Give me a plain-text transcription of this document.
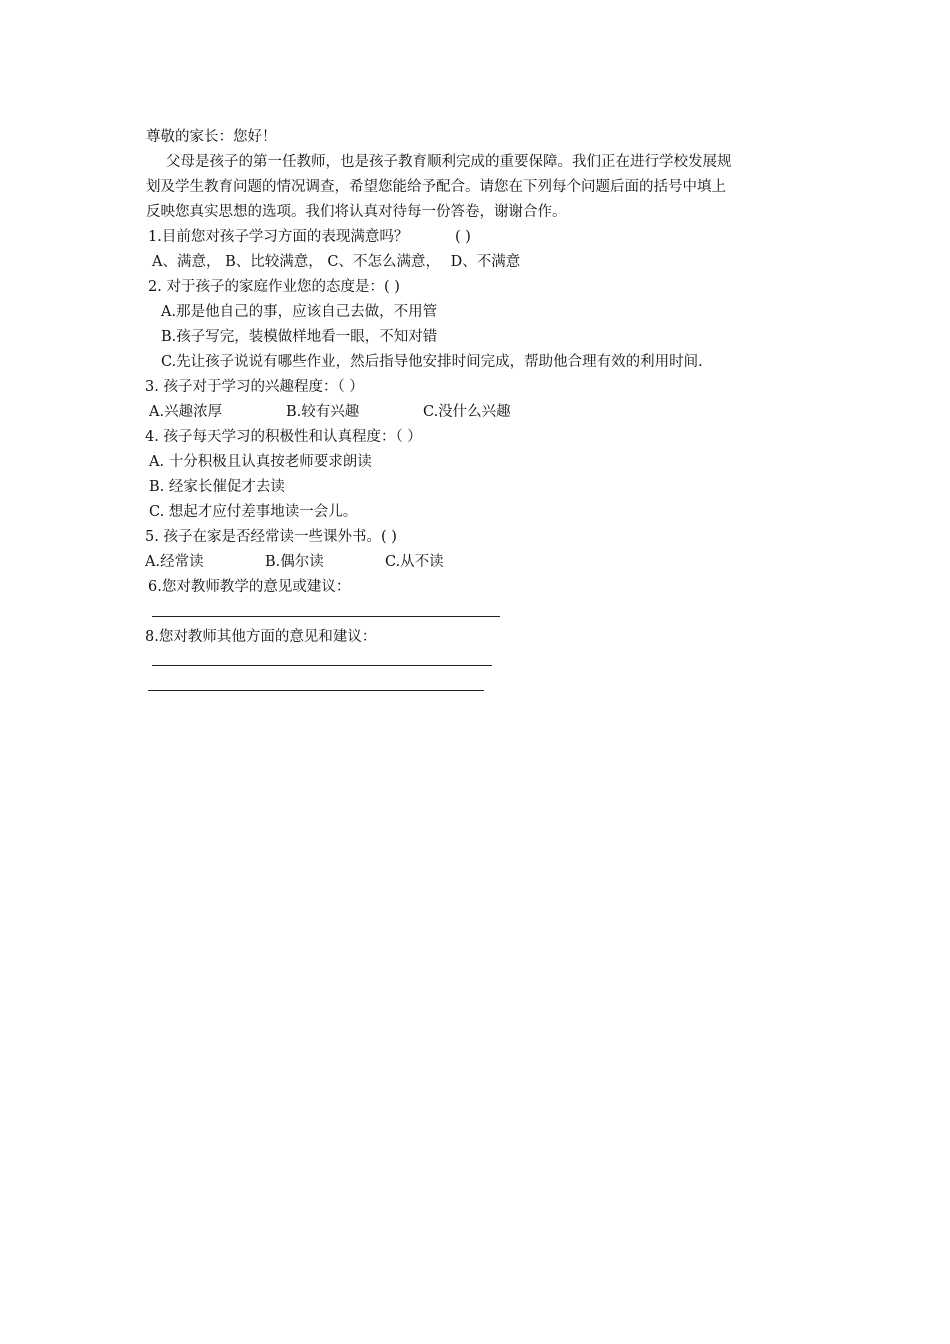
尊敬的家长：您好！
父母是孩子的第一任教师，也是孩子教育顺利完成的重要保障。我们正在进行学校发展规
划及学生教育问题的情况调查，希望您能给予配合。请您在下列每个问题后面的括号中填上
反映您真实思想的选项。我们将认真对待每一份答卷，谢谢合作。
1.目前您对孩子学习方面的表现满意吗？	( )
A、满意， B、比较满意， C、不怎么满意， D、不满意
2. 对于孩子的家庭作业您的态度是：( )
A.那是他自己的事，应该自己去做，不用管
B.孩子写完，装模做样地看一眼，不知对错
C.先让孩子说说有哪些作业，然后指导他安排时间完成，帮助他合理有效的利用时间.
3. 孩子对于学习的兴趣程度：（ ）
A.兴趣浓厚	B.较有兴趣	C.没什么兴趣
4. 孩子每天学习的积极性和认真程度：（ ）
A. 十分积极且认真按老师要求朗读
B. 经家长催促才去读
C. 想起才应付差事地读一会儿。
5. 孩子在家是否经常读一些课外书。( )
A.经常读	B.偶尔读	C.从不读
6.您对教师教学的意见或建议：
8.您对教师其他方面的意见和建议：
